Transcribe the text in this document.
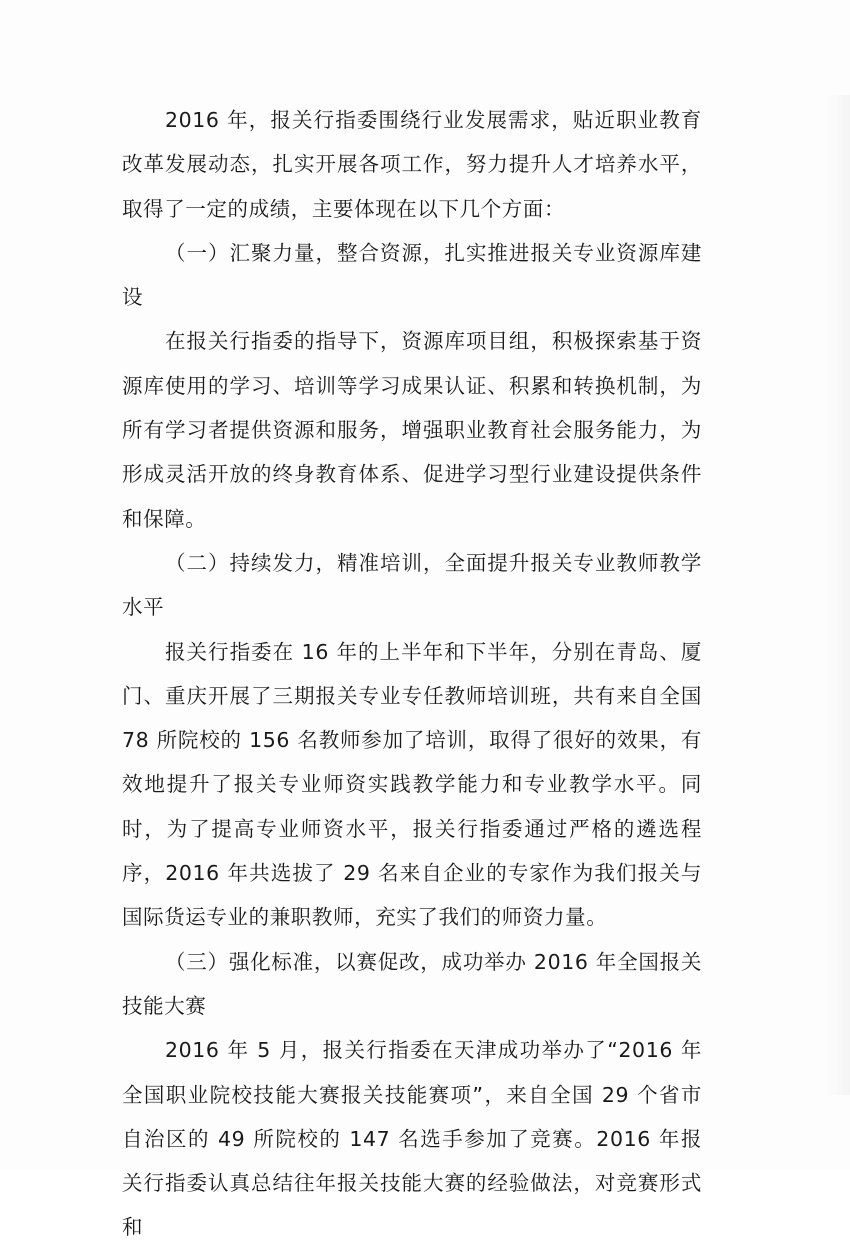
2016 年，报关行指委围绕行业发展需求，贴近职业教育改革发展动态，扎实开展各项工作，努力提升人才培养水平，取得了一定的成绩，主要体现在以下几个方面：

（一）汇聚力量，整合资源，扎实推进报关专业资源库建设

在报关行指委的指导下，资源库项目组，积极探索基于资源库使用的学习、培训等学习成果认证、积累和转换机制，为所有学习者提供资源和服务，增强职业教育社会服务能力，为形成灵活开放的终身教育体系、促进学习型行业建设提供条件和保障。

（二）持续发力，精准培训，全面提升报关专业教师教学水平

报关行指委在 16 年的上半年和下半年，分别在青岛、厦门、重庆开展了三期报关专业专任教师培训班，共有来自全国 78 所院校的 156 名教师参加了培训，取得了很好的效果，有效地提升了报关专业师资实践教学能力和专业教学水平。同时，为了提高专业师资水平，报关行指委通过严格的遴选程序，2016 年共选拔了 29 名来自企业的专家作为我们报关与国际货运专业的兼职教师，充实了我们的师资力量。

（三）强化标准，以赛促改，成功举办 2016 年全国报关技能大赛

2016 年 5 月，报关行指委在天津成功举办了“2016 年全国职业院校技能大赛报关技能赛项”，来自全国 29 个省市自治区的 49 所院校的 147 名选手参加了竞赛。2016 年报关行指委认真总结往年报关技能大赛的经验做法，对竞赛形式和
